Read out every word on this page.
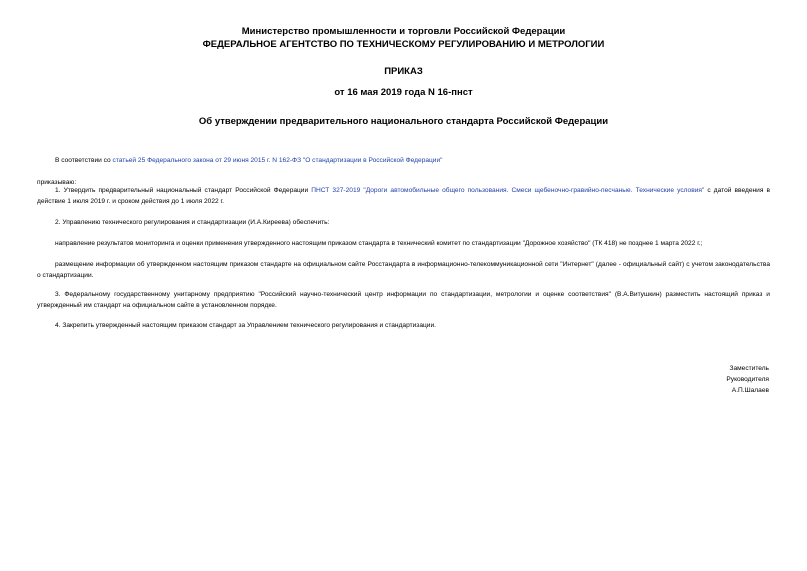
Министерство промышленности и торговли Российской Федерации
ФЕДЕРАЛЬНОЕ АГЕНТСТВО ПО ТЕХНИЧЕСКОМУ РЕГУЛИРОВАНИЮ И МЕТРОЛОГИИ
ПРИКАЗ
от 16 мая 2019 года N 16-пнст
Об утверждении предварительного национального стандарта Российской Федерации
В соответствии со статьей 25 Федерального закона от 29 июня 2015 г. N 162-ФЗ "О стандартизации в Российской Федерации"
приказываю:
1. Утвердить предварительный национальный стандарт Российской Федерации ПНСТ 327-2019 "Дороги автомобильные общего пользования. Смеси щебеночно-гравийно-песчаные. Технические условия" с датой введения в действие 1 июля 2019 г. и сроком действия до 1 июля 2022 г.
2. Управлению технического регулирования и стандартизации (И.А.Киреева) обеспечить:
направление результатов мониторинга и оценки применения утвержденного настоящим приказом стандарта в технический комитет по стандартизации "Дорожное хозяйство" (ТК 418) не позднее 1 марта 2022 г.;
размещение информации об утвержденном настоящим приказом стандарте на официальном сайте Росстандарта в информационно-телекоммуникационной сети "Интернет" (далее - официальный сайт) с учетом законодательства о стандартизации.
3. Федеральному государственному унитарному предприятию "Российский научно-технический центр информации по стандартизации, метрологии и оценке соответствия" (В.А.Витушкин) разместить настоящий приказ и утвержденный им стандарт на официальном сайте в установленном порядке.
4. Закрепить утвержденный настоящим приказом стандарт за Управлением технического регулирования и стандартизации.
Заместитель
Руководителя
А.П.Шалаев
